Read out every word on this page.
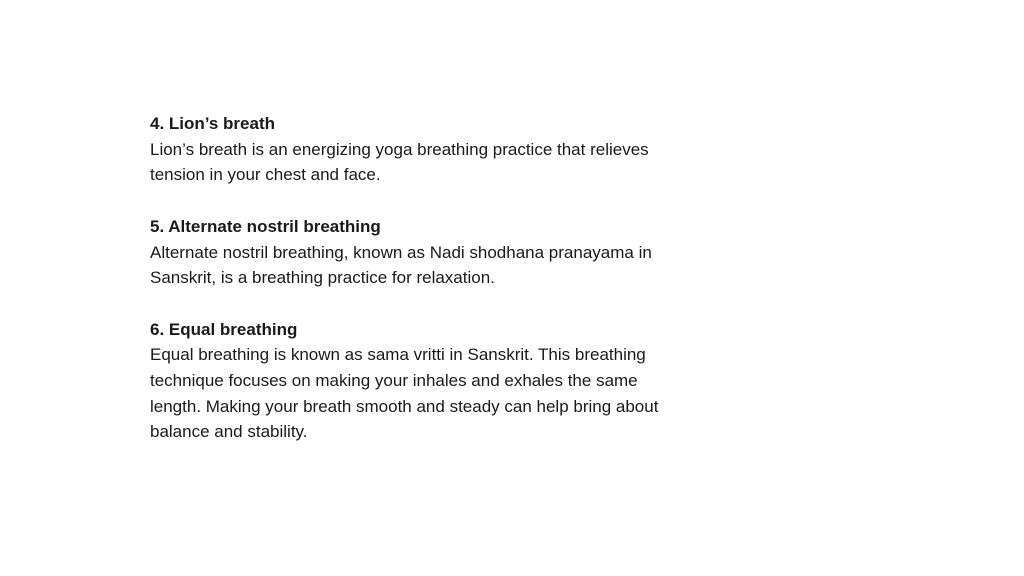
4. Lion’s breath
Lion’s breath is an energizing yoga breathing practice that relieves
tension in your chest and face.
5. Alternate nostril breathing
Alternate nostril breathing, known as Nadi shodhana pranayama in
Sanskrit, is a breathing practice for relaxation.
6. Equal breathing
Equal breathing is known as sama vritti in Sanskrit. This breathing
technique focuses on making your inhales and exhales the same
length. Making your breath smooth and steady can help bring about
balance and stability.
